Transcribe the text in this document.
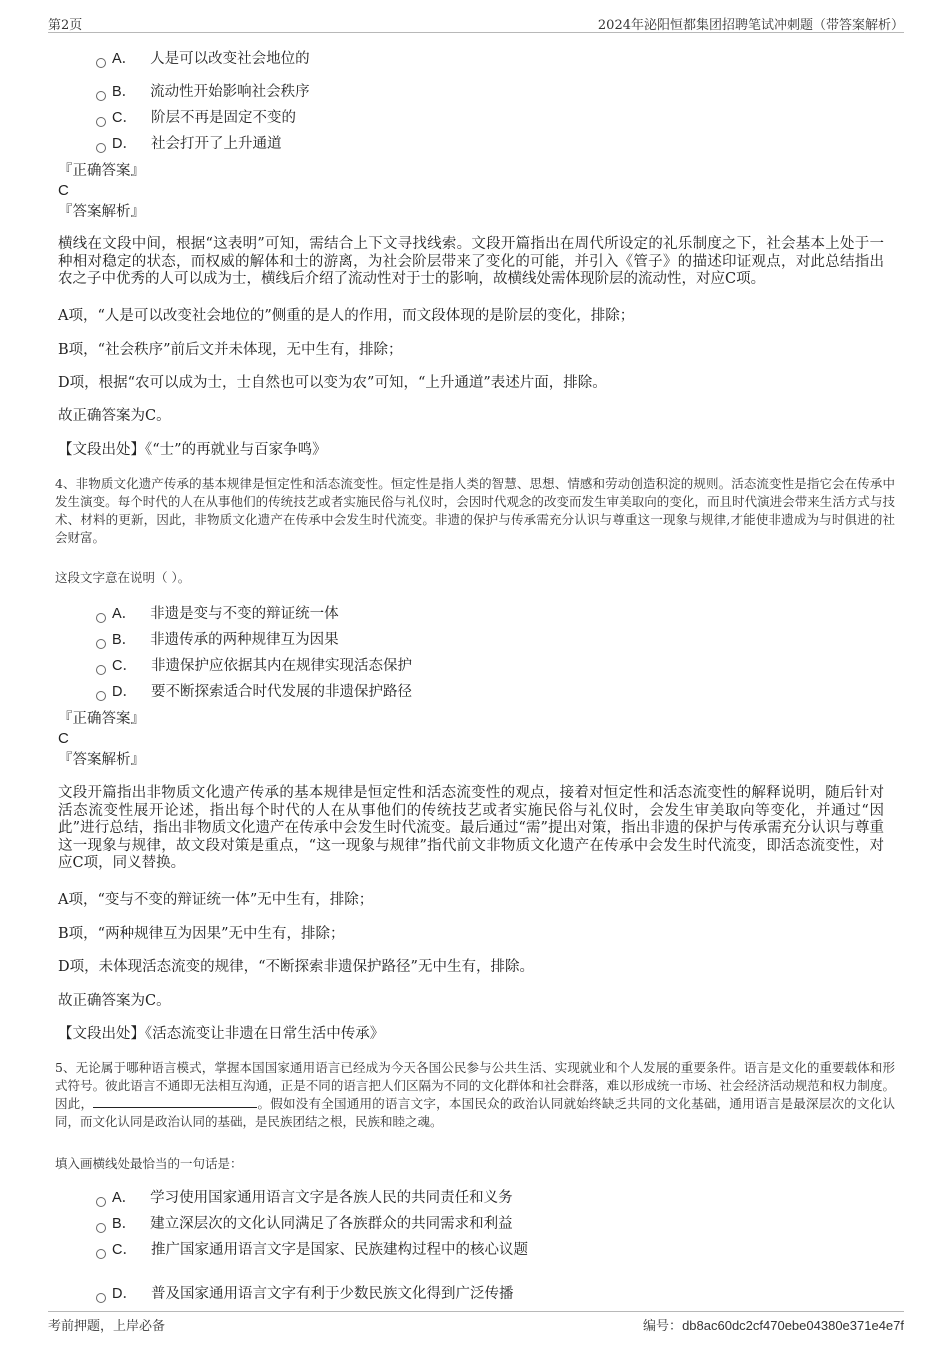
第2页	2024年泌阳恒都集团招聘笔试冲刺题（带答案解析）
A． 人是可以改变社会地位的
B． 流动性开始影响社会秩序
C． 阶层不再是固定不变的
D． 社会打开了上升通道
『正确答案』
C
『答案解析』
横线在文段中间，根据“这表明”可知，需结合上下文寻找线索。文段开篇指出在周代所设定的礼乐制度之下，社会基本上处于一种相对稳定的状态，而权威的解体和士的游离，为社会阶层带来了变化的可能，并引入《管子》的描述印证观点，对此总结指出农之子中优秀的人可以成为士，横线后介绍了流动性对于士的影响，故横线处需体现阶层的流动性，对应C项。
A项，“人是可以改变社会地位的”侧重的是人的作用，而文段体现的是阶层的变化，排除；
B项，“社会秩序”前后文并未体现，无中生有，排除；
D项，根据“农可以成为士，士自然也可以变为农”可知，“上升通道”表述片面，排除。
故正确答案为C。
【文段出处】《“士”的再就业与百家争鸣》
4、非物质文化遗产传承的基本规律是恒定性和活态流变性。恒定性是指人类的智慧、思想、情感和劳动创造积淀的规则。活态流变性是指它会在传承中发生演变。每个时代的人在从事他们的传统技艺或者实施民俗与礼仪时，会因时代观念的改变而发生审美取向的变化，而且时代演进会带来生活方式与技术、材料的更新，因此，非物质文化遗产在传承中会发生时代流变。非遗的保护与传承需充分认识与尊重这一现象与规律,才能使非遗成为与时俱进的社会财富。
这段文字意在说明（ ）。
A． 非遗是变与不变的辩证统一体
B． 非遗传承的两种规律互为因果
C． 非遗保护应依据其内在规律实现活态保护
D． 要不断探索适合时代发展的非遗保护路径
『正确答案』
C
『答案解析』
文段开篇指出非物质文化遗产传承的基本规律是恒定性和活态流变性的观点，接着对恒定性和活态流变性的解释说明，随后针对活态流变性展开论述，指出每个时代的人在从事他们的传统技艺或者实施民俗与礼仪时，会发生审美取向等变化，并通过“因此”进行总结，指出非物质文化遗产在传承中会发生时代流变。最后通过“需”提出对策，指出非遗的保护与传承需充分认识与尊重这一现象与规律，故文段对策是重点，“这一现象与规律”指代前文非物质文化遗产在传承中会发生时代流变，即活态流变性，对应C项，同义替换。
A项，“变与不变的辩证统一体”无中生有，排除；
B项，“两种规律互为因果”无中生有，排除；
D项，未体现活态流变的规律，“不断探索非遗保护路径”无中生有，排除。
故正确答案为C。
【文段出处】《活态流变让非遗在日常生活中传承》
5、无论属于哪种语言模式，掌握本国国家通用语言已经成为今天各国公民参与公共生活、实现就业和个人发展的重要条件。语言是文化的重要载体和形式符号。彼此语言不通即无法相互沟通，正是不同的语言把人们区隔为不同的文化群体和社会群落，难以形成统一市场、社会经济活动规范和权力制度。因此，	。假如没有全国通用的语言文字，本国民众的政治认同就始终缺乏共同的文化基础，通用语言是最深层次的文化认同，而文化认同是政治认同的基础，是民族团结之根，民族和睦之魂。
填入画横线处最恰当的一句话是：
A． 学习使用国家通用语言文字是各族人民的共同责任和义务
B． 建立深层次的文化认同满足了各族群众的共同需求和利益
C． 推广国家通用语言文字是国家、民族建构过程中的核心议题
D． 普及国家通用语言文字有利于少数民族文化得到广泛传播
考前押题，上岸必备	编号：db8ac60dc2cf470ebe04380e371e4e7f
